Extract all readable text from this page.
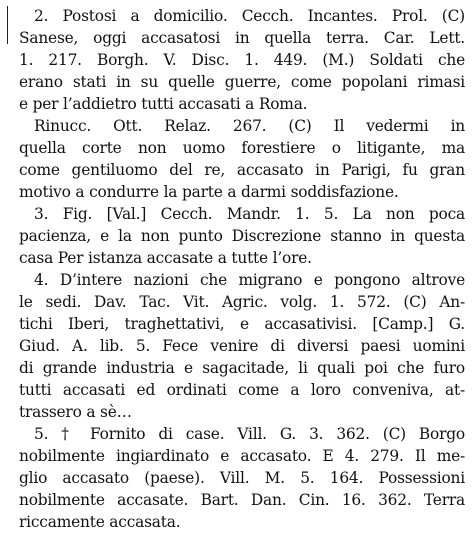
2. Postosi a domicilio. Cecch. Incantes. Prol. (C)
Sanese, oggi accasatosi in quella terra. Car. Lett.
1. 217. Borgh. V. Disc. 1. 449. (M.) Soldati che
erano stati in su quelle guerre, come popolani rimasi
e per l’addietro tutti accasati a Roma.
Rinucc. Ott. Relaz. 267. (C) Il vedermi in
quella corte non uomo forestiere o litigante, ma
come gentiluomo del re, accasato in Parigi, fu gran
motivo a condurre la parte a darmi soddisfazione.
3. Fig. [Val.] Cecch. Mandr. 1. 5. La non poca
pacienza, e la non punto Discrezione stanno in questa
casa Per istanza accasate a tutte l’ore.
4. D’intere nazioni che migrano e pongono altrove
le sedi. Dav. Tac. Vit. Agric. volg. 1. 572. (C) An-
tichi Iberi, traghettativi, e accasativisi. [Camp.] G.
Giud. A. lib. 5. Fece venire di diversi paesi uomini
di grande industria e sagacitade, li quali poi che furo
tutti accasati ed ordinati come a loro conveniva, at-
trassero a sè…
5. † Fornito di case. Vill. G. 3. 362. (C) Borgo
nobilmente ingiardinato e accasato. E 4. 279. Il me-
glio accasato (paese). Vill. M. 5. 164. Possessioni
nobilmente accasate. Bart. Dan. Cin. 16. 362. Terra
riccamente accasata.
